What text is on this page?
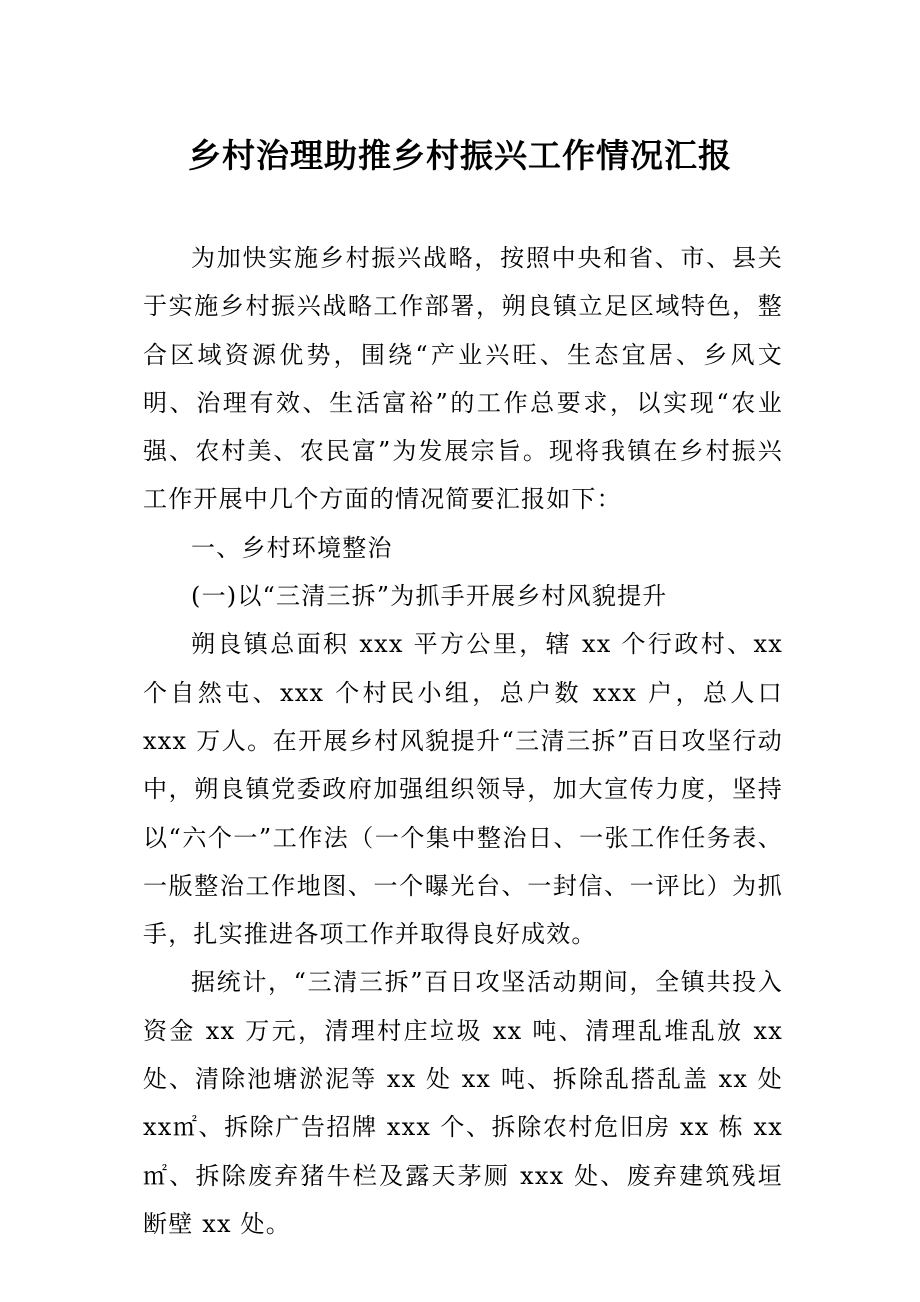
乡村治理助推乡村振兴工作情况汇报

为加快实施乡村振兴战略，按照中央和省、市、县关于实施乡村振兴战略工作部署，朔良镇立足区域特色，整合区域资源优势，围绕“产业兴旺、生态宜居、乡风文明、治理有效、生活富裕”的工作总要求，以实现“农业强、农村美、农民富”为发展宗旨。现将我镇在乡村振兴工作开展中几个方面的情况简要汇报如下：

一、乡村环境整治

(一)以“三清三拆”为抓手开展乡村风貌提升

朔良镇总面积 xxx 平方公里，辖 xx 个行政村、xx 个自然屯、xxx 个村民小组，总户数 xxx 户，总人口 xxx 万人。在开展乡村风貌提升“三清三拆”百日攻坚行动中，朔良镇党委政府加强组织领导，加大宣传力度，坚持以“六个一”工作法（一个集中整治日、一张工作任务表、一版整治工作地图、一个曝光台、一封信、一评比）为抓手，扎实推进各项工作并取得良好成效。

据统计，“三清三拆”百日攻坚活动期间，全镇共投入资金 xx 万元，清理村庄垃圾 xx 吨、清理乱堆乱放 xx 处、清除池塘淤泥等 xx 处 xx 吨、拆除乱搭乱盖 xx 处 xx㎡、拆除广告招牌 xxx 个、拆除农村危旧房 xx 栋 xx㎡、拆除废弃猪牛栏及露天茅厕 xxx 处、废弃建筑残垣断壁 xx 处。
